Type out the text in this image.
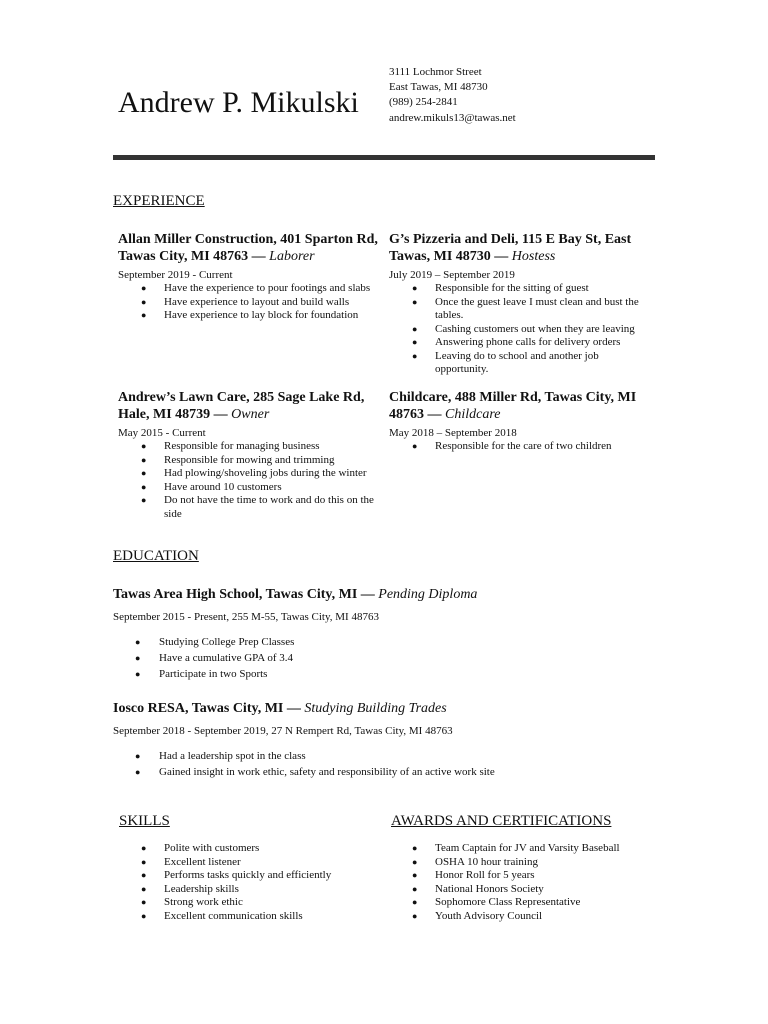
Andrew P. Mikulski
3111 Lochmor Street
East Tawas, MI 48730
(989) 254-2841
andrew.mikuls13@tawas.net
EXPERIENCE
Allan Miller Construction, 401 Sparton Rd, Tawas City, MI 48763 — Laborer
September 2019 - Current
● Have the experience to pour footings and slabs
● Have experience to layout and build walls
● Have experience to lay block for foundation
G’s Pizzeria and Deli, 115 E Bay St, East Tawas, MI 48730 — Hostess
July 2019 – September 2019
● Responsible for the sitting of guest
● Once the guest leave I must clean and bust the tables.
● Cashing customers out when they are leaving
● Answering phone calls for delivery orders
● Leaving do to school and another job opportunity.
Andrew’s Lawn Care, 285 Sage Lake Rd, Hale, MI 48739 — Owner
May 2015 - Current
● Responsible for managing business
● Responsible for mowing and trimming
● Had plowing/shoveling jobs during the winter
● Have around 10 customers
● Do not have the time to work and do this on the side
Childcare, 488 Miller Rd, Tawas City, MI 48763 — Childcare
May 2018 – September 2018
● Responsible for the care of two children
EDUCATION
Tawas Area High School, Tawas City, MI — Pending Diploma
September 2015 - Present, 255 M-55, Tawas City, MI 48763
● Studying College Prep Classes
● Have a cumulative GPA of 3.4
● Participate in two Sports
Iosco RESA, Tawas City, MI — Studying Building Trades
September 2018 - September 2019, 27 N Rempert Rd, Tawas City, MI 48763
● Had a leadership spot in the class
● Gained insight in work ethic, safety and responsibility of an active work site
SKILLS
● Polite with customers
● Excellent listener
● Performs tasks quickly and efficiently
● Leadership skills
● Strong work ethic
● Excellent communication skills
AWARDS AND CERTIFICATIONS
● Team Captain for JV and Varsity Baseball
● OSHA 10 hour training
● Honor Roll for 5 years
● National Honors Society
● Sophomore Class Representative
● Youth Advisory Council
